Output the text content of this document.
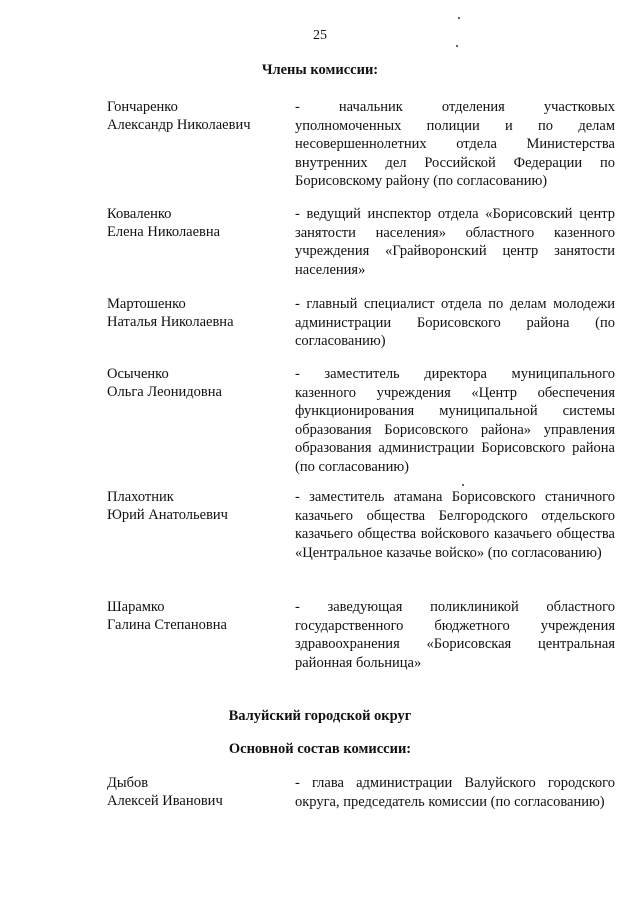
25
Члены комиссии:
Гончаренко
Александр Николаевич
- начальник отделения участковых уполномоченных полиции и по делам несовершеннолетних отдела Министерства внутренних дел Российской Федерации по Борисовскому району (по согласованию)
Коваленко
Елена Николаевна
- ведущий инспектор отдела «Борисовский центр занятости населения» областного казенного учреждения «Грайворонский центр занятости населения»
Мартошенко
Наталья Николаевна
- главный специалист отдела по делам молодежи администрации Борисовского района (по согласованию)
Осыченко
Ольга Леонидовна
- заместитель директора муниципального казенного учреждения «Центр обеспечения функционирования муниципальной системы образования Борисовского района» управления образования администрации Борисовского района (по согласованию)
Плахотник
Юрий Анатольевич
- заместитель атамана Борисовского станичного казачьего общества Белгородского отдельского казачьего общества войскового казачьего общества «Центральное казачье войско» (по согласованию)
Шарамко
Галина Степановна
- заведующая поликлиникой областного государственного бюджетного учреждения здравоохранения «Борисовская центральная районная больница»
Валуйский городской округ
Основной состав комиссии:
Дыбов
Алексей Иванович
- глава администрации Валуйского городского округа, председатель комиссии (по согласованию)
